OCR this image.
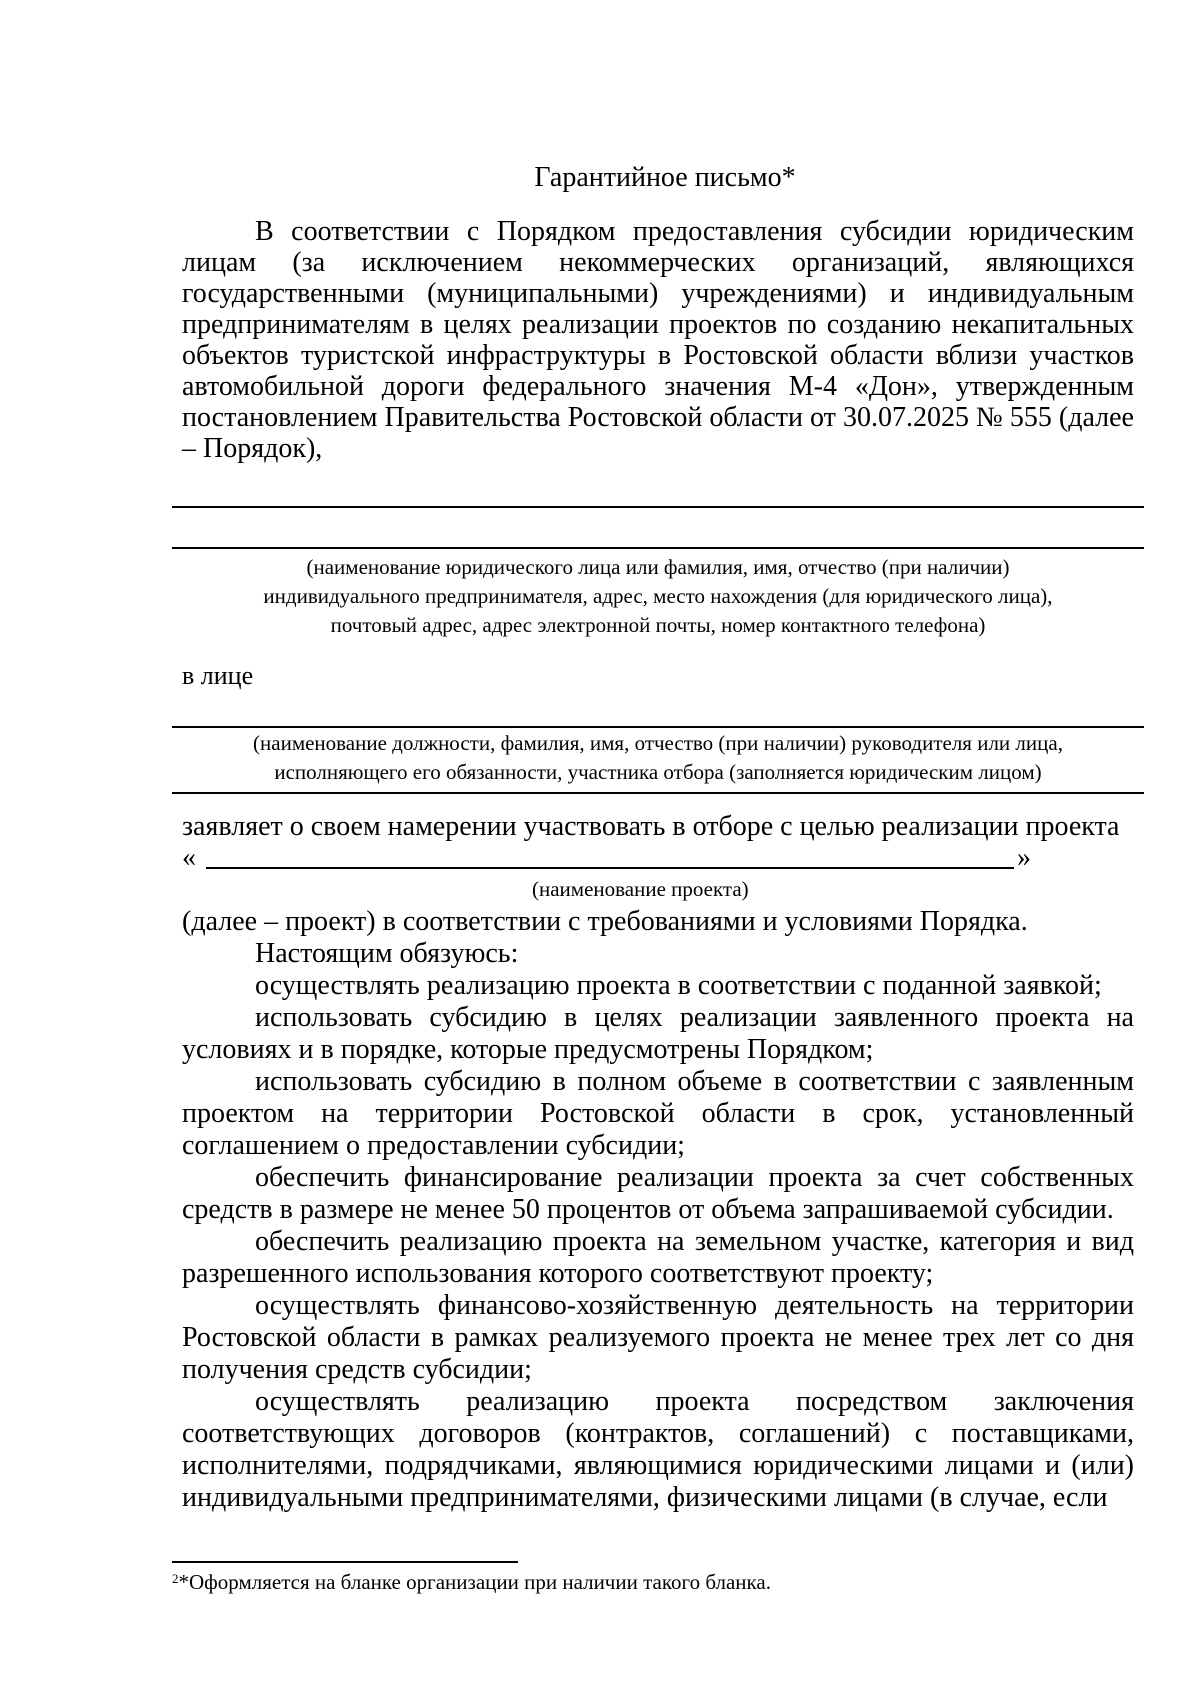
Гарантийное письмо*

В соответствии с Порядком предоставления субсидии юридическим лицам (за исключением некоммерческих организаций, являющихся государственными (муниципальными) учреждениями) и индивидуальным предпринимателям в целях реализации проектов по созданию некапитальных объектов туристской инфраструктуры в Ростовской области вблизи участков автомобильной дороги федерального значения М-4 «Дон», утвержденным постановлением Правительства Ростовской области от 30.07.2025 № 555 (далее – Порядок),

(наименование юридического лица или фамилия, имя, отчество (при наличии)
индивидуального предпринимателя, адрес, место нахождения (для юридического лица),
почтовый адрес, адрес электронной почты, номер контактного телефона)
в лице
(наименование должности, фамилия, имя, отчество (при наличии) руководителя или лица,
исполняющего его обязанности, участника отбора (заполняется юридическим лицом)
заявляет о своем намерении участвовать в отборе с целью реализации проекта
«	»
(наименование проекта)

(далее – проект) в соответствии с требованиями и условиями Порядка.

Настоящим обязуюсь:

осуществлять реализацию проекта в соответствии с поданной заявкой;

использовать субсидию в целях реализации заявленного проекта на условиях и в порядке, которые предусмотрены Порядком;

использовать субсидию в полном объеме в соответствии с заявленным проектом на территории Ростовской области в срок, установленный соглашением о предоставлении субсидии;

обеспечить финансирование реализации проекта за счет собственных средств в размере не менее 50 процентов от объема запрашиваемой субсидии.

обеспечить реализацию проекта на земельном участке, категория и вид разрешенного использования которого соответствуют проекту;

осуществлять финансово-хозяйственную деятельность на территории Ростовской области в рамках реализуемого проекта не менее трех лет со дня получения средств субсидии;

осуществлять реализацию проекта посредством заключения соответствующих договоров (контрактов, соглашений) с поставщиками, исполнителями, подрядчиками, являющимися юридическими лицами и (или) индивидуальными предпринимателями, физическими лицами (в случае, если

$^2$*Оформляется на бланке организации при наличии такого бланка.
